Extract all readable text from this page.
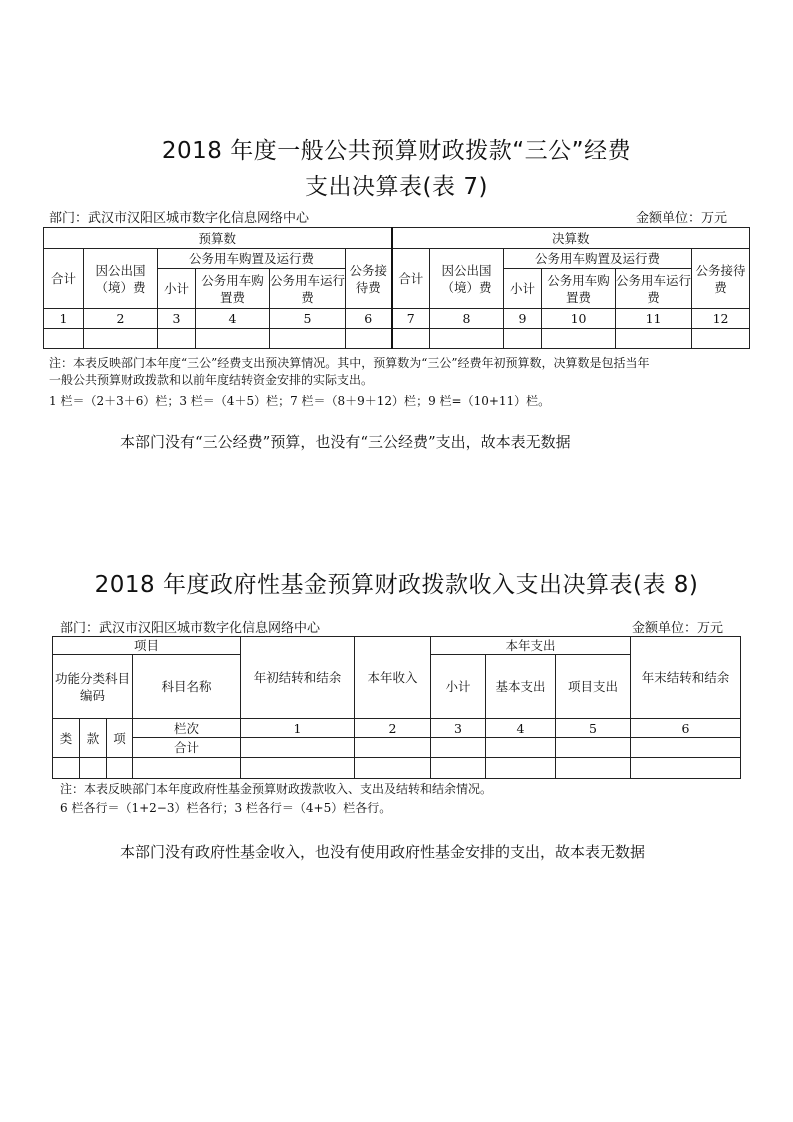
2018 年度一般公共预算财政拨款“三公”经费
支出决算表(表 7)
部门：武汉市汉阳区城市数字化信息网络中心	金额单位：万元
预算数						决算数					
合计	因公出国（境）费	公务用车购置及运行费			公务接待费	合计	因公出国（境）费	公务用车购置及运行费			公务接待费
		小计	公务用车购置费	公务用车运行费				小计	公务用车购置费	公务用车运行费	
1	2	3	4	5	6	7	8	9	10	11	12

注：本表反映部门本年度“三公”经费支出预决算情况。其中，预算数为“三公”经费年初预算数，决算数是包括当年
一般公共预算财政拨款和以前年度结转资金安排的实际支出。
1 栏＝（2＋3＋6）栏；3 栏＝（4＋5）栏；7 栏＝（8＋9＋12）栏；9 栏=（10+11）栏。
本部门没有“三公经费”预算，也没有“三公经费”支出，故本表无数据
2018 年度政府性基金预算财政拨款收入支出决算表(表 8)
部门：武汉市汉阳区城市数字化信息网络中心	金额单位：万元
项目				年初结转和结余	本年收入	本年支出			年末结转和结余
功能分类科目编码			科目名称			小计	基本支出	项目支出	

类	款	项	栏次	1	2	3	4	5	6
			合计						

注：本表反映部门本年度政府性基金预算财政拨款收入、支出及结转和结余情况。
6 栏各行＝（1+2−3）栏各行；3 栏各行＝（4+5）栏各行。
本部门没有政府性基金收入，也没有使用政府性基金安排的支出，故本表无数据
